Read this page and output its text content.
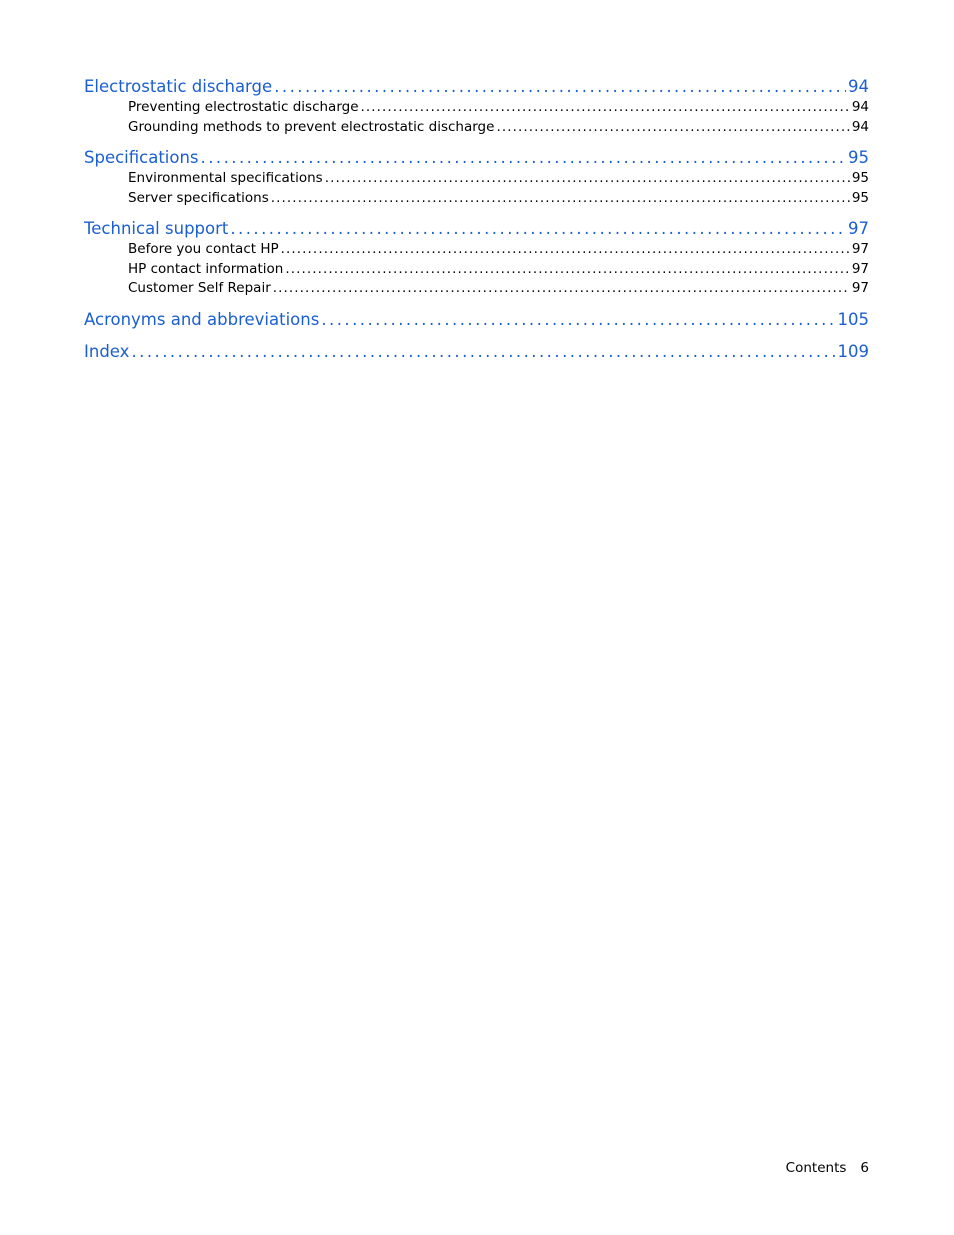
Electrostatic discharge . . .	94
Preventing electrostatic discharge . . .	94
Grounding methods to prevent electrostatic discharge . . .	94
Specifications . . .	95
Environmental specifications . . .	95
Server specifications . . .	95
Technical support . . .	97
Before you contact HP . . .	97
HP contact information . . .	97
Customer Self Repair . . .	97
Acronyms and abbreviations . . .	105
Index . . .	109
Contents 6
